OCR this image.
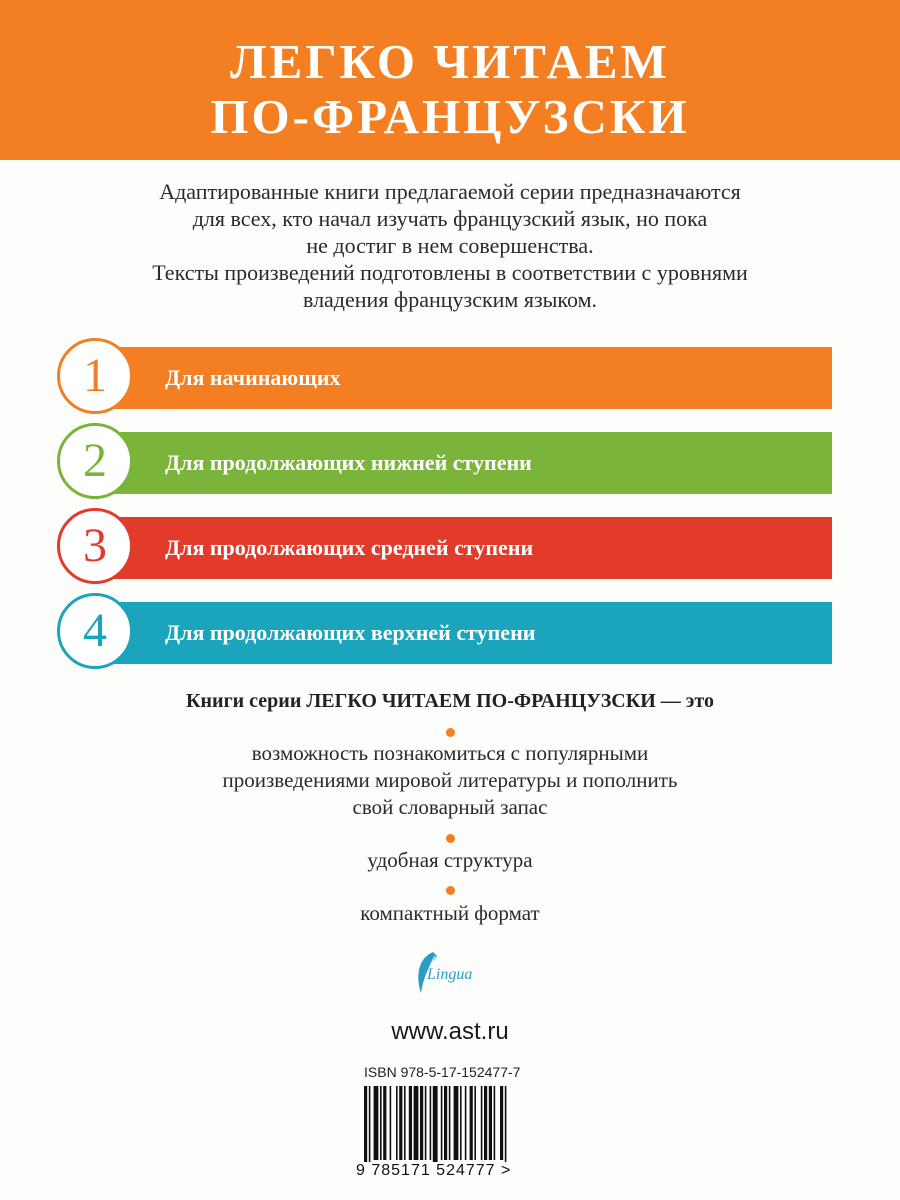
ЛЕГКО ЧИТАЕМ
ПО-ФРАНЦУЗСКИ
Адаптированные книги предлагаемой серии предназначаются
для всех, кто начал изучать французский язык, но пока
не достиг в нем совершенства.
Тексты произведений подготовлены в соответствии с уровнями
владения французским языком.
Для начинающих
1
Для продолжающих нижней ступени
2
Для продолжающих средней ступени
3
Для продолжающих верхней ступени
4
Книги серии ЛЕГКО ЧИТАЕМ ПО-ФРАНЦУЗСКИ — это
возможность познакомиться с популярными
произведениями мировой литературы и пополнить
свой словарный запас
удобная структура
компактный формат
Lingua
www.ast.ru
ISBN 978-5-17-152477-7
9 785171 524777 >
